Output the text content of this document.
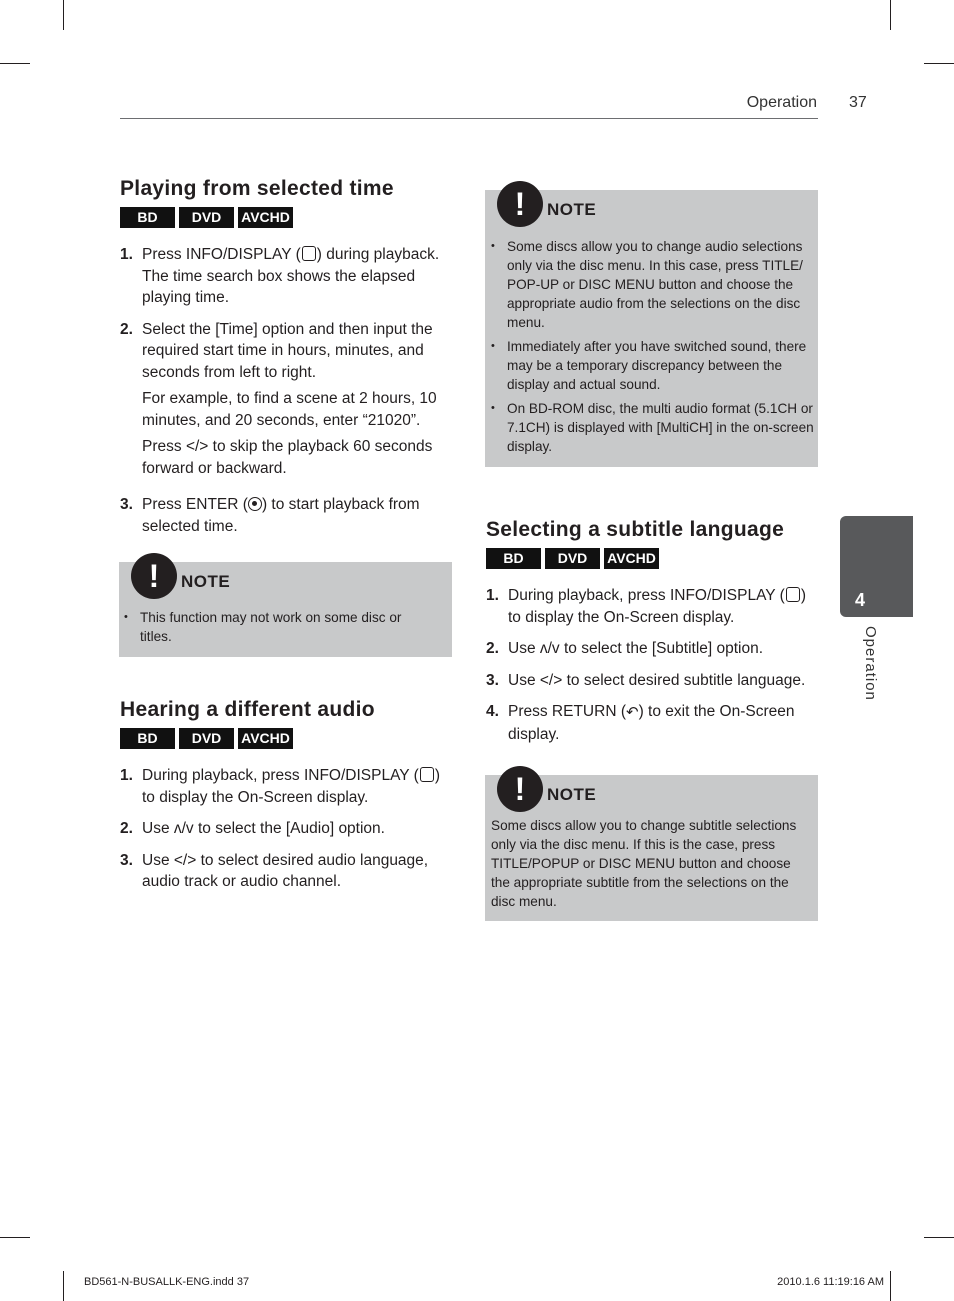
Operation 37
Playing from selected time
BD	DVD	AVCHD
1. Press INFO/DISPLAY ( ) during playback. The time search box shows the elapsed playing time.
2. Select the [Time] option and then input the required start time in hours, minutes, and seconds from left to right.

For example, to find a scene at 2 hours, 10 minutes, and 20 seconds, enter “21020”.

Press </> to skip the playback 60 seconds forward or backward.

3. Press ENTER ( ) to start playback from selected time.
!	NOTE
• This function may not work on some disc or titles.
Hearing a different audio
BD	DVD	AVCHD
1. During playback, press INFO/DISPLAY ( ) to display the On-Screen display.
2. Use ʌ/v to select the [Audio] option.
3. Use </> to select desired audio language, audio track or audio channel.
!	NOTE
• Some discs allow you to change audio selections only via the disc menu. In this case, press TITLE/ POP-UP or DISC MENU button and choose the appropriate audio from the selections on the disc menu.
• Immediately after you have switched sound, there may be a temporary discrepancy between the display and actual sound.
• On BD-ROM disc, the multi audio format (5.1CH or 7.1CH) is displayed with [MultiCH] in the on-screen display.
Selecting a subtitle language
BD	DVD	AVCHD
1. During playback, press INFO/DISPLAY ( ) to display the On-Screen display.
2. Use ʌ/v to select the [Subtitle] option.
3. Use </> to select desired subtitle language.
4. Press RETURN (↶) to exit the On-Screen display.
!	NOTE

Some discs allow you to change subtitle selections only via the disc menu. If this is the case, press TITLE/POPUP or DISC MENU button and choose the appropriate subtitle from the selections on the disc menu.

4
Operation
BD561-N-BUSALLK-ENG.indd 37	2010.1.6 11:19:16 AM
